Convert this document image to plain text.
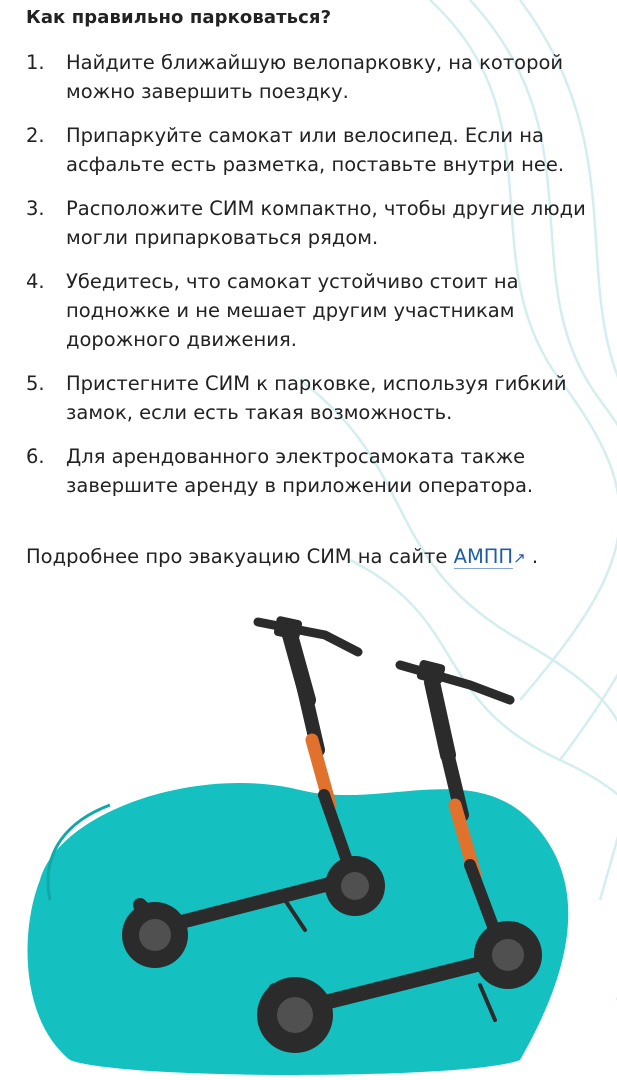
Как правильно парковаться?
1.	Найдите ближайшую велопарковку, на которой можно завершить поездку.
2.	Припаркуйте самокат или велосипед. Если на асфальте есть разметка, поставьте внутри нее.
3.	Расположите СИМ компактно, чтобы другие люди могли припарковаться рядом.
4.	Убедитесь, что самокат устойчиво стоит на подножке и не мешает другим участникам дорожного движения.
5.	Пристегните СИМ к парковке, используя гибкий замок, если есть такая возможность.
6.	Для арендованного электросамоката также завершите аренду в приложении оператора.

Подробнее про эвакуацию СИМ на сайте АМПП↗ .
